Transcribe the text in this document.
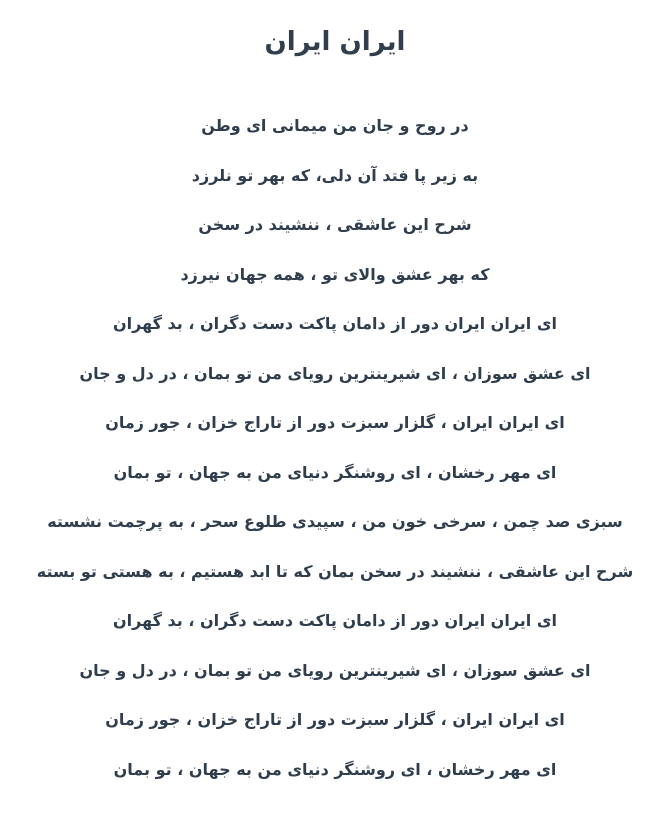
ایران ایران
در روح و جان من میمانی ای وطن
به زیر پا فتد آن دلی، که بهر تو نلرزد
شرح این عاشقی ، ننشیند در سخن
که بهر عشق والای تو ، همه جهان نیرزد
ای ایران ایران دور از دامان پاکت دست دگران ، بد گهران
ای عشق سوزان ، ای شیرینترین رویای من تو بمان ، در دل و جان
ای ایران ایران ، گلزار سبزت دور از تاراج خزان ، جور زمان
ای مهر رخشان ، ای روشنگر دنیای من به جهان ، تو بمان
سبزی صد چمن ، سرخی خون من ، سپیدی طلوع سحر ، به پرچمت نشسته
شرح این عاشقی ، ننشیند در سخن بمان که تا ابد هستیم ، به هستی تو بسته
ای ایران ایران دور از دامان پاکت دست دگران ، بد گهران
ای عشق سوزان ، ای شیرینترین رویای من تو بمان ، در دل و جان
ای ایران ایران ، گلزار سبزت دور از تاراج خزان ، جور زمان
ای مهر رخشان ، ای روشنگر دنیای من به جهان ، تو بمان
